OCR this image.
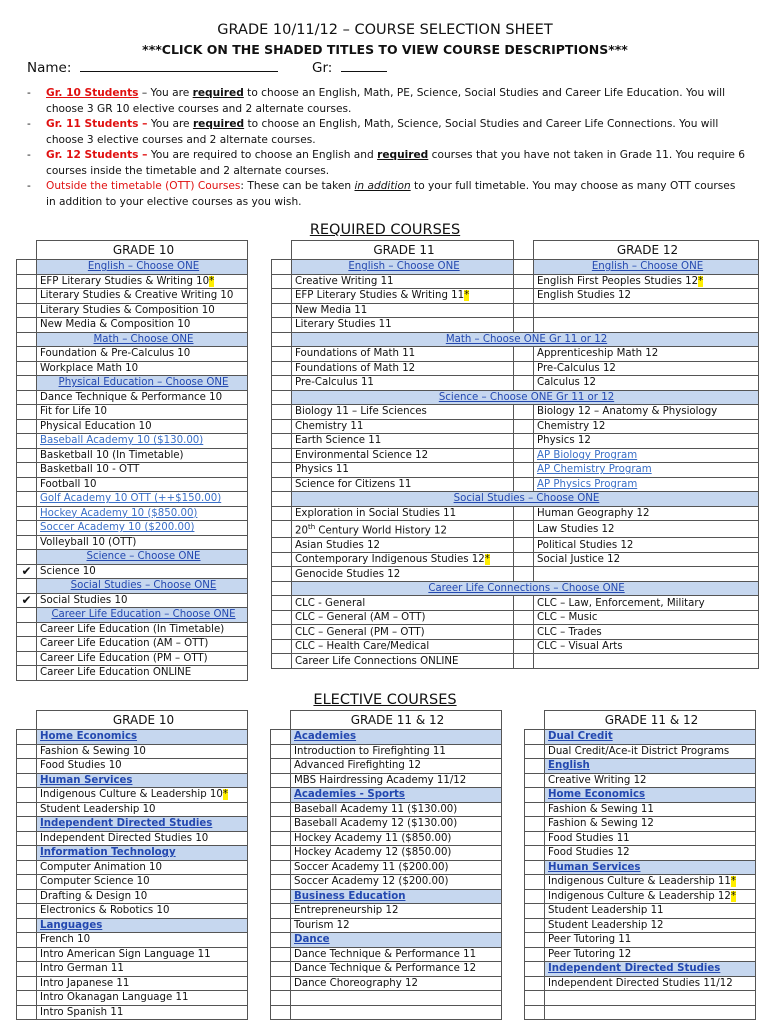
GRADE 10/11/12 – COURSE SELECTION SHEET
***CLICK ON THE SHADED TITLES TO VIEW COURSE DESCRIPTIONS***
Name:	Gr:
- Gr. 10 Students – You are required to choose an English, Math, PE, Science, Social Studies and Career Life Education. You will choose 3 GR 10 elective courses and 2 alternate courses.
- Gr. 11 Students – You are required to choose an English, Math, Science, Social Studies and Career Life Connections. You will choose 3 elective courses and 2 alternate courses.
- Gr. 12 Students – You are required to choose an English and required courses that you have not taken in Grade 11. You require 6 courses inside the timetable and 2 alternate courses.
- Outside the timetable (OTT) Courses: These can be taken in addition to your full timetable. You may choose as many OTT courses in addition to your elective courses as you wish.
REQUIRED COURSES
	GRADE 10
	English – Choose ONE
	EFP Literary Studies & Writing 10*
	Literary Studies & Creative Writing 10
	Literary Studies & Composition 10
	New Media & Composition 10
	Math – Choose ONE
	Foundation & Pre-Calculus 10
	Workplace Math 10
	Physical Education – Choose ONE
	Dance Technique & Performance 10
	Fit for Life 10
	Physical Education 10
	Baseball Academy 10 ($130.00)
	Basketball 10 (In Timetable)
	Basketball 10 - OTT
	Football 10
	Golf Academy 10 OTT (++$150.00)
	Hockey Academy 10 ($850.00)
	Soccer Academy 10 ($200.00)
	Volleyball 10 (OTT)
	Science – Choose ONE
✔	Science 10
	Social Studies – Choose ONE
✔	Social Studies 10
	Career Life Education – Choose ONE
	Career Life Education (In Timetable)
	Career Life Education (AM – OTT)
	Career Life Education (PM – OTT)
	Career Life Education ONLINE
	GRADE 11		GRADE 12
	English – Choose ONE		English – Choose ONE
	Creative Writing 11		English First Peoples Studies 12*
	EFP Literary Studies & Writing 11*		English Studies 12
	New Media 11		
	Literary Studies 11		
	Math – Choose ONE Gr 11 or 12		
	Foundations of Math 11		Apprenticeship Math 12
	Foundations of Math 12		Pre-Calculus 12
	Pre-Calculus 11		Calculus 12
	Science – Choose ONE Gr 11 or 12		
	Biology 11 – Life Sciences		Biology 12 – Anatomy & Physiology
	Chemistry 11		Chemistry 12
	Earth Science 11		Physics 12
	Environmental Science 12		AP Biology Program
	Physics 11		AP Chemistry Program
	Science for Citizens 11		AP Physics Program
	Social Studies – Choose ONE		
	Exploration in Social Studies 11		Human Geography 12
	20th Century World History 12		Law Studies 12
	Asian Studies 12		Political Studies 12
	Contemporary Indigenous Studies 12*		Social Justice 12
	Genocide Studies 12		
	Career Life Connections – Choose ONE		
	CLC - General		CLC – Law, Enforcement, Military
	CLC – General (AM – OTT)		CLC – Music
	CLC – General (PM – OTT)		CLC – Trades
	CLC – Health Care/Medical		CLC – Visual Arts
	Career Life Connections ONLINE		
ELECTIVE COURSES
	GRADE 10
	Home Economics
	Fashion & Sewing 10
	Food Studies 10
	Human Services
	Indigenous Culture & Leadership 10*
	Student Leadership 10
	Independent Directed Studies
	Independent Directed Studies 10
	Information Technology
	Computer Animation 10
	Computer Science 10
	Drafting & Design 10
	Electronics & Robotics 10
	Languages
	French 10
	Intro American Sign Language 11
	Intro German 11
	Intro Japanese 11
	Intro Okanagan Language 11
	Intro Spanish 11
	GRADE 11 & 12
	Academies
	Introduction to Firefighting 11
	Advanced Firefighting 12
	MBS Hairdressing Academy 11/12
	Academies - Sports
	Baseball Academy 11 ($130.00)
	Baseball Academy 12 ($130.00)
	Hockey Academy 11 ($850.00)
	Hockey Academy 12 ($850.00)
	Soccer Academy 11 ($200.00)
	Soccer Academy 12 ($200.00)
	Business Education
	Entrepreneurship 12
	Tourism 12
	Dance
	Dance Technique & Performance 11
	Dance Technique & Performance 12
	Dance Choreography 12

	GRADE 11 & 12
	Dual Credit
	Dual Credit/Ace-it District Programs
	English
	Creative Writing 12
	Home Economics
	Fashion & Sewing 11
	Fashion & Sewing 12
	Food Studies 11
	Food Studies 12
	Human Services
	Indigenous Culture & Leadership 11*
	Indigenous Culture & Leadership 12*
	Student Leadership 11
	Student Leadership 12
	Peer Tutoring 11
	Peer Tutoring 12
	Independent Directed Studies
	Independent Directed Studies 11/12
